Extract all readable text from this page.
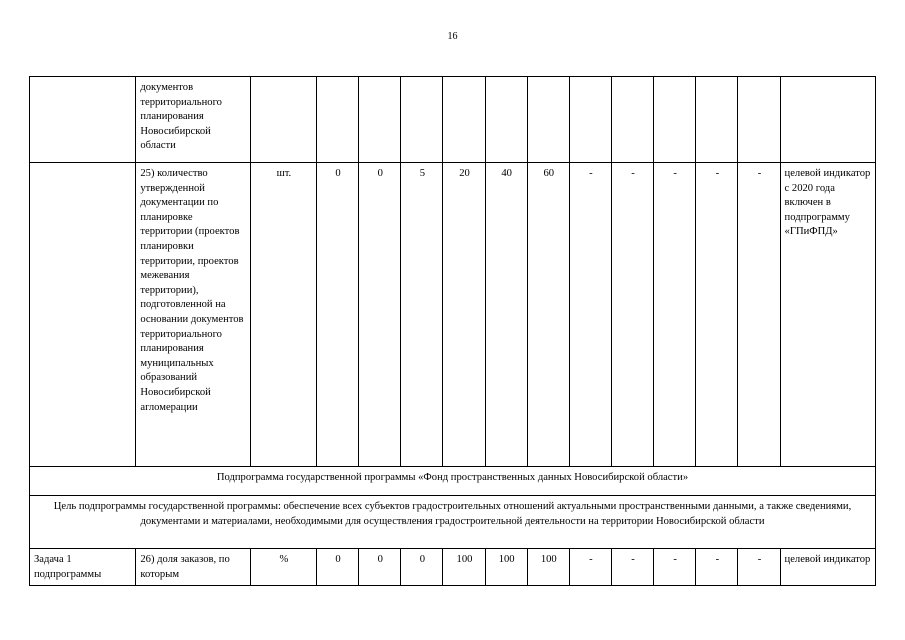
16
	документов территориального планирования Новосибирской области													
	25) количество утвержденной документации по планировке территории (проектов планировки территории, проектов межевания территории), подготовленной на основании документов территориального планирования муниципальных образований Новосибирской агломерации	шт.	0	0	5	20	40	60	-	-	-	-	-	целевой индикатор с 2020 года включен в подпрограмму «ГПиФПД»
Подпрограмма государственной программы «Фонд пространственных данных Новосибирской области»														
Цель подпрограммы государственной программы: обеспечение всех субъектов градостроительных отношений актуальными пространственными данными, а также сведениями, документами и материалами, необходимыми для осуществления градостроительной деятельности на территории Новосибирской области														
Задача 1 подпрограммы	26) доля заказов, по которым	%	0	0	0	100	100	100	-	-	-	-	-	целевой индикатор
